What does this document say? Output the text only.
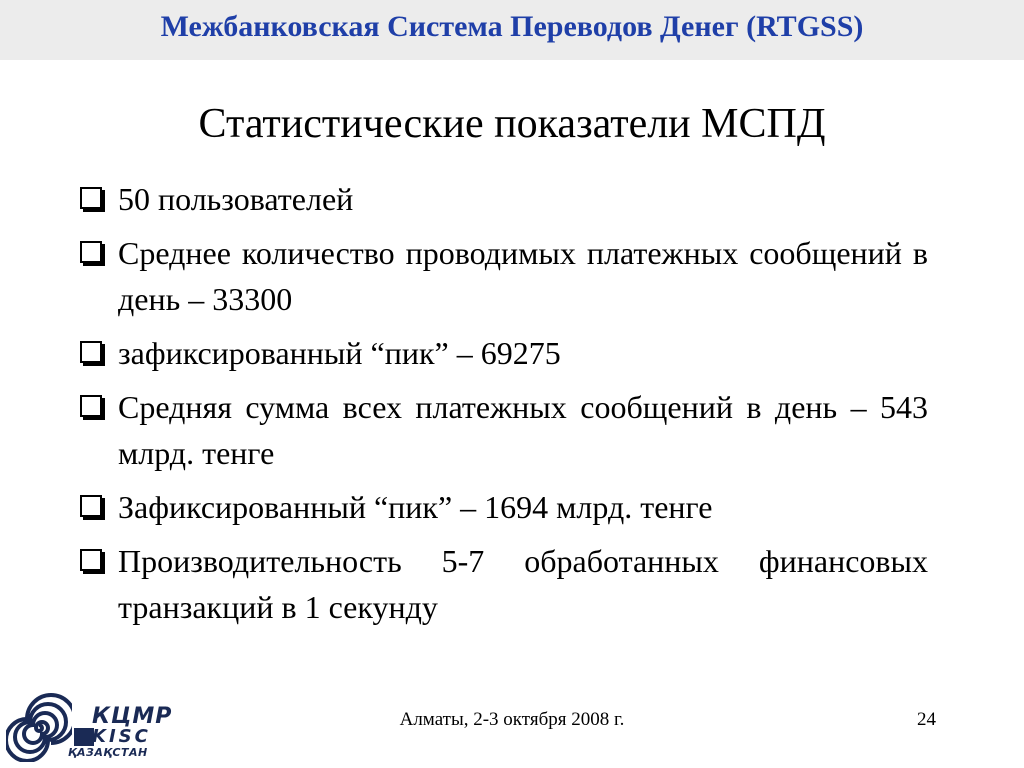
Межбанковская Система Переводов Денег (RTGSS)
Статистические показатели МСПД
50 пользователей
Среднее количество проводимых платежных сообщений в день – 33300
зафиксированный “пик” – 69275
Средняя сумма всех платежных сообщений в день – 543 млрд. тенге
Зафиксированный “пик” – 1694 млрд. тенге
Производительность 5-7 обработанных финансовых транзакций в 1 секунду
КЦМР
KISC
ҚАЗАҚСТАН
Алматы, 2-3 октября 2008 г.	24
